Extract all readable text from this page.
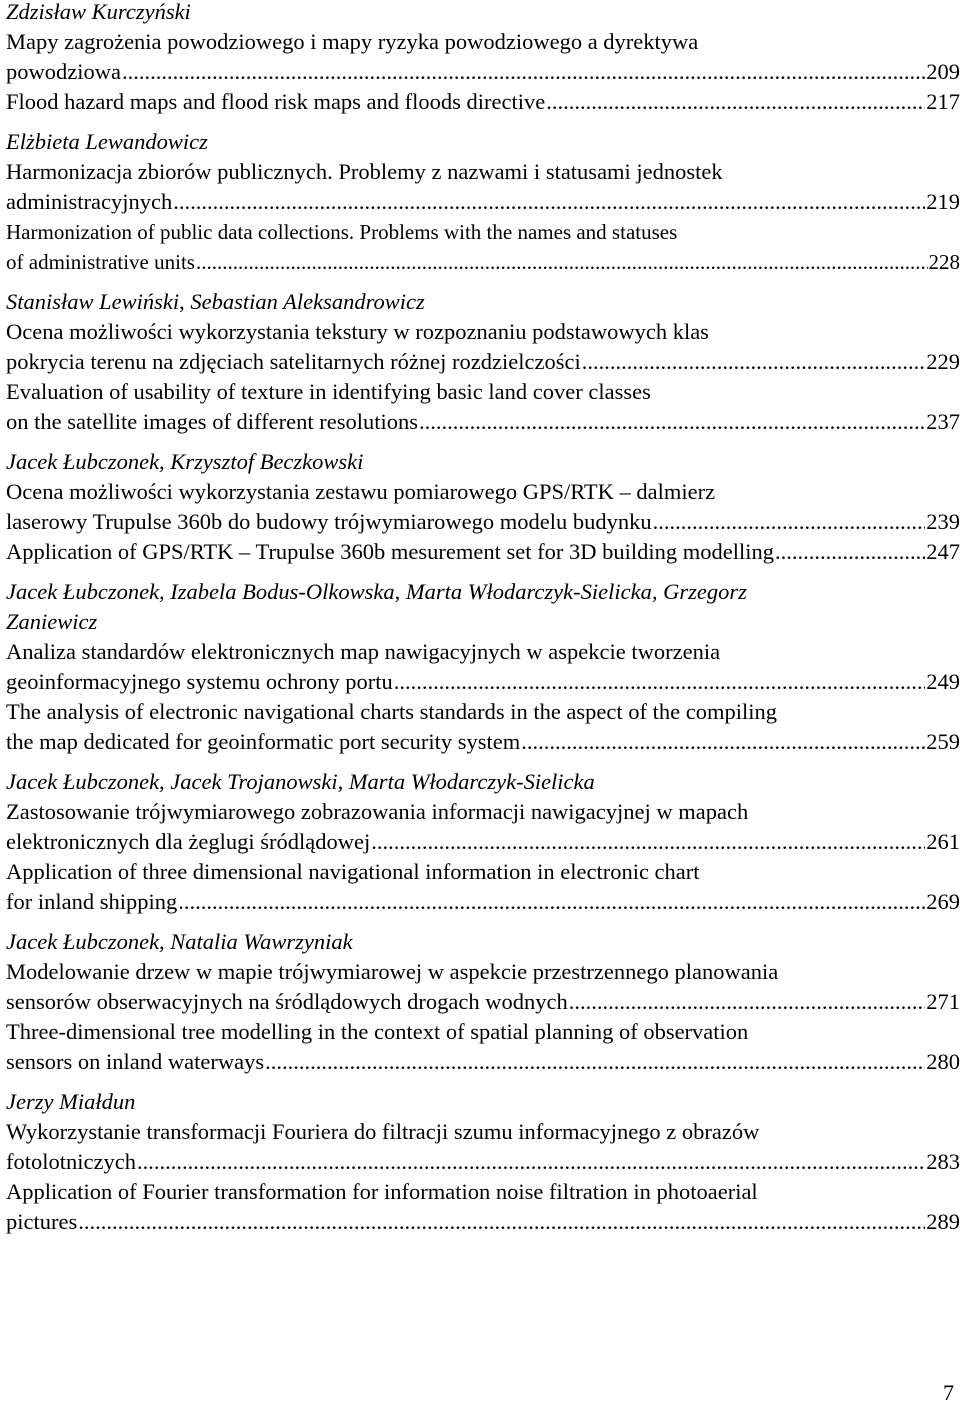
Zdzisław Kurczyński
Mapy zagrożenia powodziowego i mapy ryzyka powodziowego a dyrektywa
powodziowa .....	209
Flood hazard maps and flood risk maps and floods directive .....	217
Elżbieta Lewandowicz
Harmonizacja zbiorów publicznych. Problemy z nazwami i statusami jednostek
administracyjnych .....	219
Harmonization of public data collections. Problems with the names and statuses
of administrative units .....	228
Stanisław Lewiński, Sebastian Aleksandrowicz
Ocena możliwości wykorzystania tekstury w rozpoznaniu podstawowych klas
pokrycia terenu na zdjęciach satelitarnych różnej rozdzielczości .....	229
Evaluation of usability of texture in identifying basic land cover classes
on the satellite images of different resolutions .....	237
Jacek Łubczonek, Krzysztof Beczkowski
Ocena możliwości wykorzystania zestawu pomiarowego GPS/RTK – dalmierz
laserowy Trupulse 360b do budowy trójwymiarowego modelu budynku .....	239
Application of GPS/RTK – Trupulse 360b mesurement set for 3D building modelling .....	247
Jacek Łubczonek, Izabela Bodus-Olkowska, Marta Włodarczyk-Sielicka, Grzegorz Zaniewicz
Analiza standardów elektronicznych map nawigacyjnych w aspekcie tworzenia
geoinformacyjnego systemu ochrony portu .....	249
The analysis of electronic navigational charts standards in the aspect of the compiling
the map dedicated for geoinformatic port security system .....	259
Jacek Łubczonek, Jacek Trojanowski, Marta Włodarczyk-Sielicka
Zastosowanie trójwymiarowego zobrazowania informacji nawigacyjnej w mapach
elektronicznych dla żeglugi śródlądowej .....	261
Application of three dimensional navigational information in electronic chart
for inland shipping .....	269
Jacek Łubczonek, Natalia Wawrzyniak
Modelowanie drzew w mapie trójwymiarowej w aspekcie przestrzennego planowania
sensorów obserwacyjnych na śródlądowych drogach wodnych .....	271
Three-dimensional tree modelling in the context of spatial planning of observation
sensors on inland waterways .....	280
Jerzy Miałdun
Wykorzystanie transformacji Fouriera do filtracji szumu informacyjnego z obrazów
fotolotniczych .....	283
Application of Fourier transformation for information noise filtration in photoaerial
pictures .....	289
7
